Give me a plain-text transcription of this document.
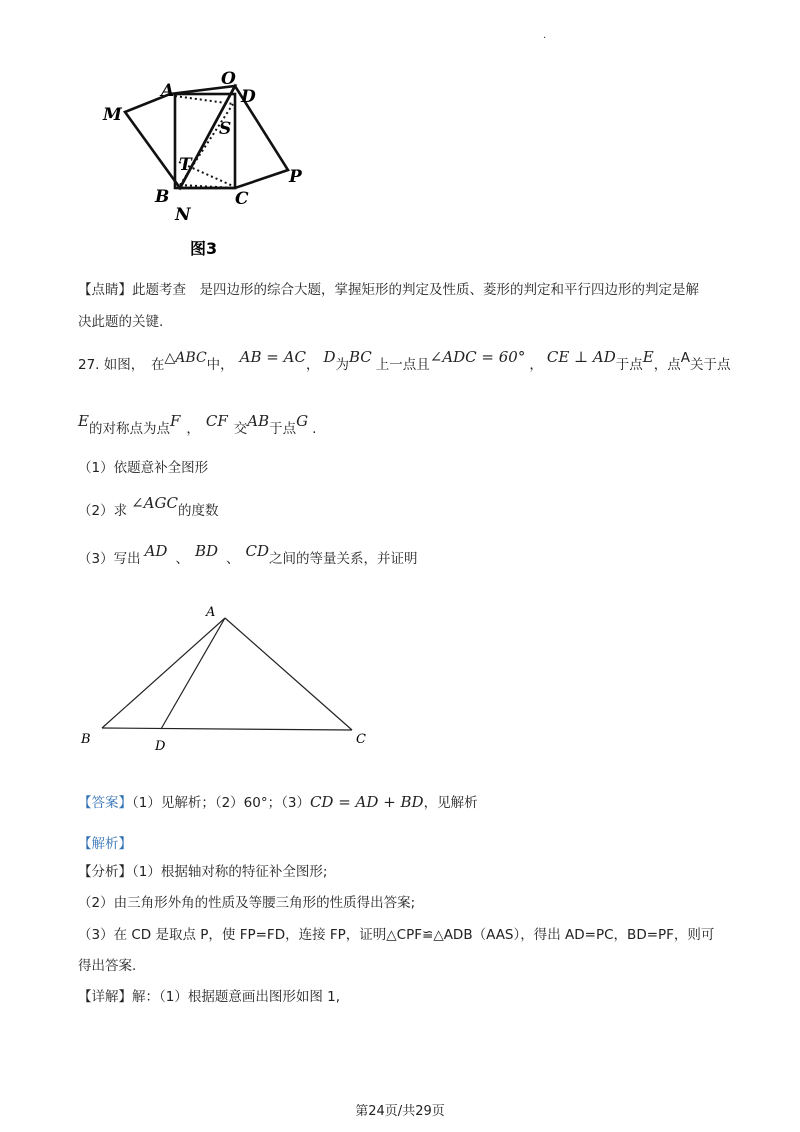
.
A
O
D
M
S
T
B
N
C
P
图3
【点睛】此题考查　是四边形的综合大题，掌握矩形的判定及性质、菱形的判定和平行四边形的判定是解
决此题的关键.
27. 如图，　在△ABC中， AB = AC， D为BC 上一点且∠ADC = 60° ， CE ⊥ AD于点E，点A关于点
E的对称点为点F ， CF 交AB于点G .
（1）依题意补全图形
（2）求 ∠AGC的度数
（3）写出 AD 、 BD 、 CD之间的等量关系，并证明
A
B	D	C
【答案】（1）见解析；（2）60°；（3）CD = AD + BD，见解析
【解析】
【分析】（1）根据轴对称的特征补全图形;
（2）由三角形外角的性质及等腰三角形的性质得出答案;
（3）在 CD 是取点 P，使 FP=FD，连接 FP，证明△CPF≌△ADB（AAS），得出 AD=PC，BD=PF，则可
得出答案.
【详解】解：（1）根据题意画出图形如图 1,
第24页/共29页
